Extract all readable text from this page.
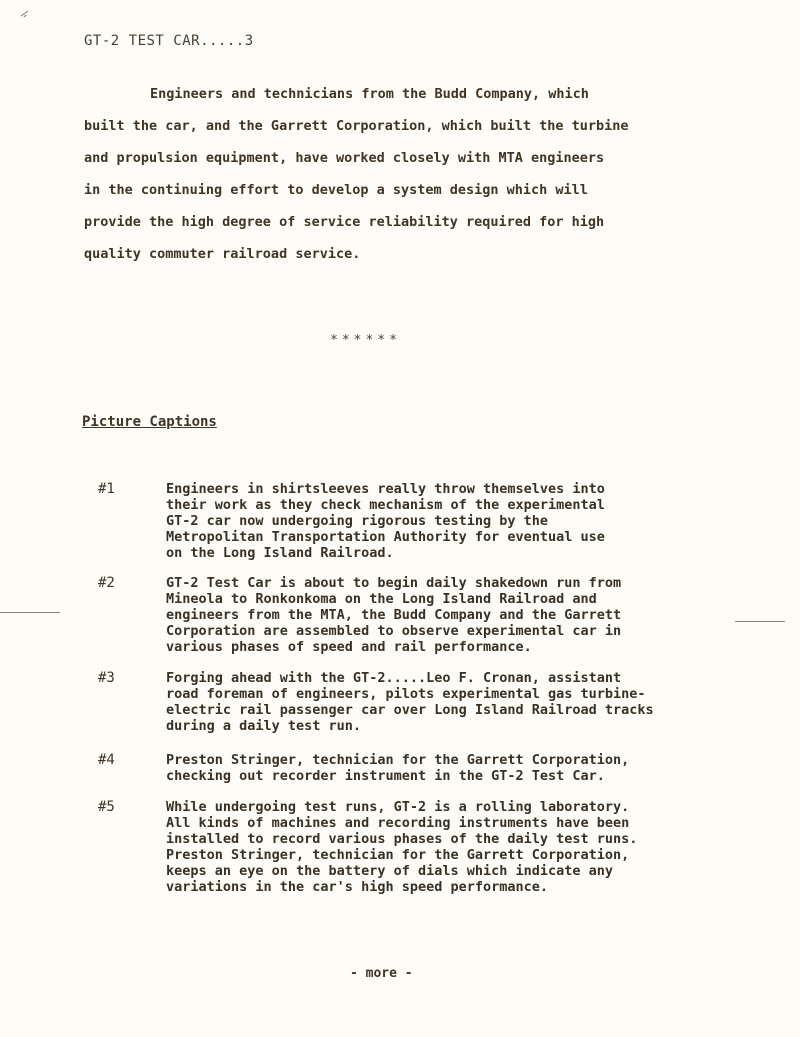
GT-2 TEST CAR.....3
Engineers and technicians from the Budd Company, which
built the car, and the Garrett Corporation, which built the turbine
and propulsion equipment, have worked closely with MTA engineers
in the continuing effort to develop a system design which will
provide the high degree of service reliability required for high
quality commuter railroad service.
******
Picture Captions
#1	Engineers in shirtsleeves really throw themselves into
their work as they check mechanism of the experimental
GT-2 car now undergoing rigorous testing by the
Metropolitan Transportation Authority for eventual use
on the Long Island Railroad.
#2	GT-2 Test Car is about to begin daily shakedown run from
Mineola to Ronkonkoma on the Long Island Railroad and
engineers from the MTA, the Budd Company and the Garrett
Corporation are assembled to observe experimental car in
various phases of speed and rail performance.
#3	Forging ahead with the GT-2.....Leo F. Cronan, assistant
road foreman of engineers, pilots experimental gas turbine-
electric rail passenger car over Long Island Railroad tracks
during a daily test run.
#4	Preston Stringer, technician for the Garrett Corporation,
checking out recorder instrument in the GT-2 Test Car.
#5	While undergoing test runs, GT-2 is a rolling laboratory.
All kinds of machines and recording instruments have been
installed to record various phases of the daily test runs.
Preston Stringer, technician for the Garrett Corporation,
keeps an eye on the battery of dials which indicate any
variations in the car's high speed performance.
- more -
